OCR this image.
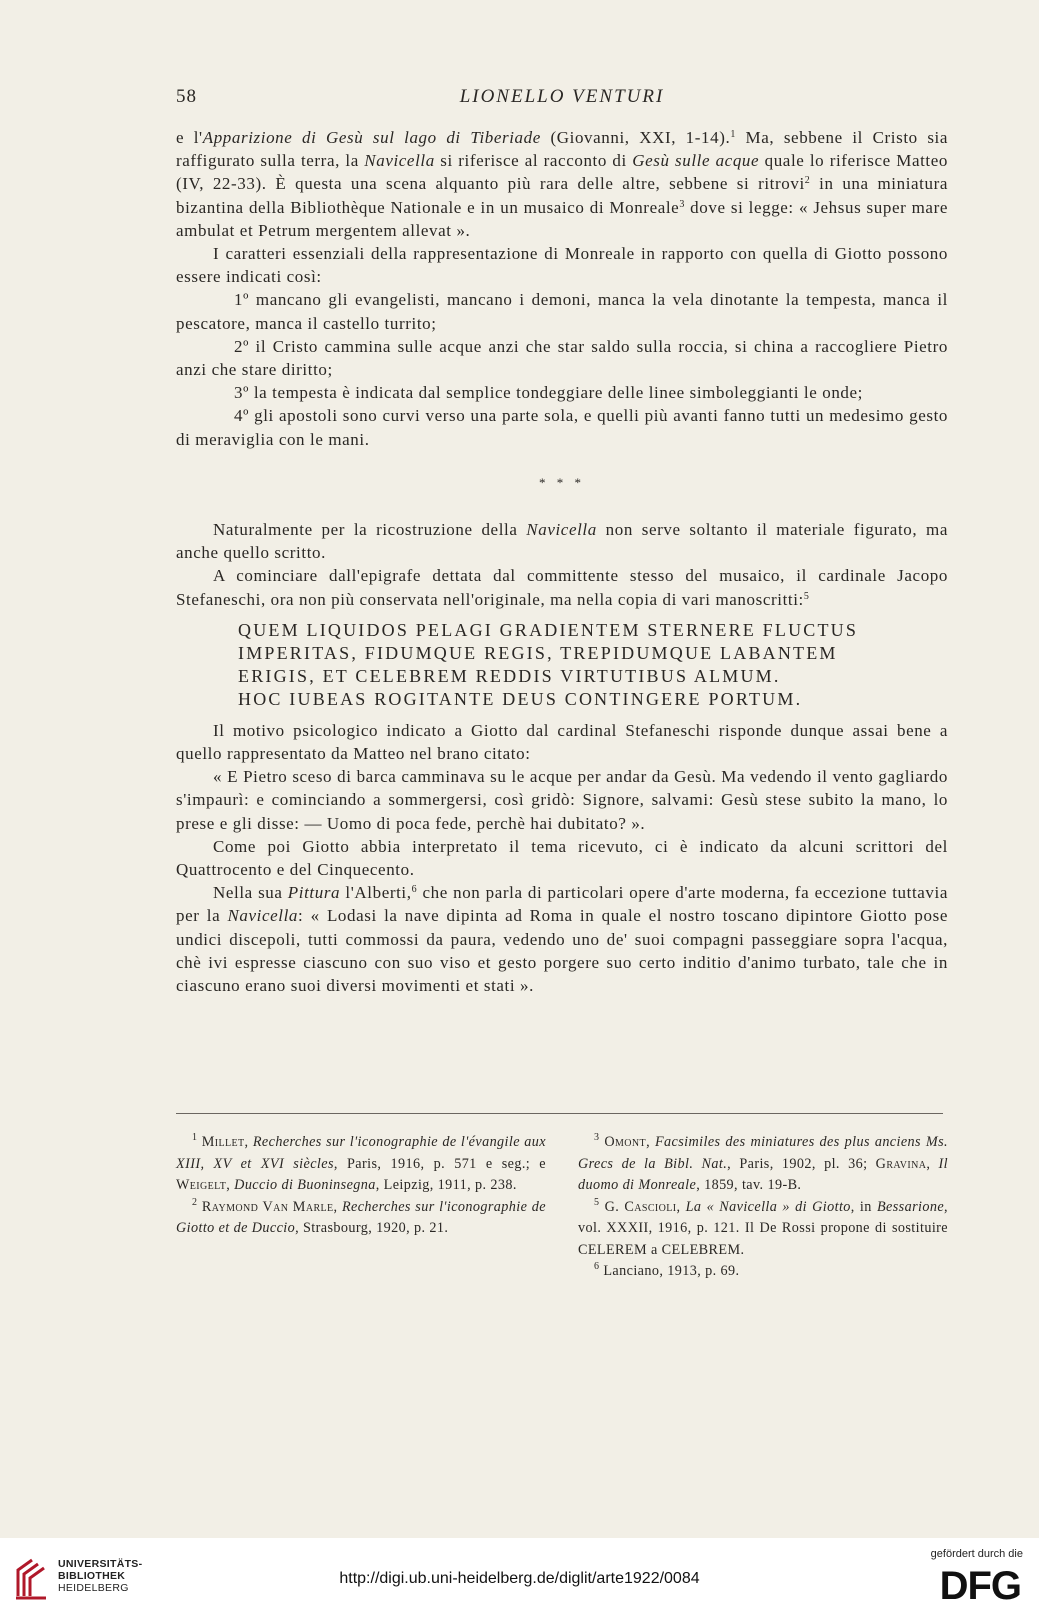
58	LIONELLO VENTURI

e l'Apparizione di Gesù sul lago di Tiberiade (Giovanni, XXI, 1-14).$^1$ Ma, sebbene il Cristo sia raffigurato sulla terra, la Navicella si riferisce al racconto di Gesù sulle acque quale lo riferisce Matteo (IV, 22-33). È questa una scena alquanto più rara delle altre, sebbene si ritrovi$^2$ in una miniatura bizantina della Bibliothèque Nationale e in un musaico di Monreale$^3$ dove si legge: « Jehsus super mare ambulat et Petrum mergentem allevat ».

I caratteri essenziali della rappresentazione di Monreale in rapporto con quella di Giotto possono essere indicati così:

1º mancano gli evangelisti, mancano i demoni, manca la vela dinotante la tempesta, manca il pescatore, manca il castello turrito;

2º il Cristo cammina sulle acque anzi che star saldo sulla roccia, si china a raccogliere Pietro anzi che stare diritto;

3º la tempesta è indicata dal semplice tondeggiare delle linee simboleggianti le onde;

4º gli apostoli sono curvi verso una parte sola, e quelli più avanti fanno tutti un medesimo gesto di meraviglia con le mani.

* * *

Naturalmente per la ricostruzione della Navicella non serve soltanto il materiale figurato, ma anche quello scritto.

A cominciare dall'epigrafe dettata dal committente stesso del musaico, il cardinale Jacopo Stefaneschi, ora non più conservata nell'originale, ma nella copia di vari manoscritti:$^5$

QUEM LIQUIDOS PELAGI GRADIENTEM STERNERE FLUCTUS
IMPERITAS, FIDUMQUE REGIS, TREPIDUMQUE LABANTEM
ERIGIS, ET CELEBREM REDDIS VIRTUTIBUS ALMUM.
HOC IUBEAS ROGITANTE DEUS CONTINGERE PORTUM.

Il motivo psicologico indicato a Giotto dal cardinal Stefaneschi risponde dunque assai bene a quello rappresentato da Matteo nel brano citato:

« E Pietro sceso di barca camminava su le acque per andar da Gesù. Ma vedendo il vento gagliardo s'impaurì: e cominciando a sommergersi, così gridò: Signore, salvami: Gesù stese subito la mano, lo prese e gli disse: — Uomo di poca fede, perchè hai dubitato? ».

Come poi Giotto abbia interpretato il tema ricevuto, ci è indicato da alcuni scrittori del Quattrocento e del Cinquecento.

Nella sua Pittura l'Alberti,$^6$ che non parla di particolari opere d'arte moderna, fa eccezione tuttavia per la Navicella: « Lodasi la nave dipinta ad Roma in quale el nostro toscano dipintore Giotto pose undici discepoli, tutti commossi da paura, vedendo uno de' suoi compagni passeggiare sopra l'acqua, chè ivi espresse ciascuno con suo viso et gesto porgere suo certo inditio d'animo turbato, tale che in ciascuno erano suoi diversi movimenti et stati ».

$^1$ Millet, Recherches sur l'iconographie de l'évangile aux XIII, XV et XVI siècles, Paris, 1916, p. 571 e seg.; e Weigelt, Duccio di Buoninsegna, Leipzig, 1911, p. 238.

$^2$ Raymond Van Marle, Recherches sur l'iconographie de Giotto et de Duccio, Strasbourg, 1920, p. 21.

$^3$ Omont, Facsimiles des miniatures des plus anciens Ms. Grecs de la Bibl. Nat., Paris, 1902, pl. 36; Gravina, Il duomo di Monreale, 1859, tav. 19-B.

$^5$ G. Cascioli, La « Navicella » di Giotto, in Bessarione, vol. XXXII, 1916, p. 121. Il De Rossi propone di sostituire CELEREM a CELEBREM.

$^6$ Lanciano, 1913, p. 69.

UNIVERSITÄTS-
BIBLIOTHEK
HEIDELBERG
http://digi.ub.uni-heidelberg.de/diglit/arte1922/0084
gefördert durch die
DFG
